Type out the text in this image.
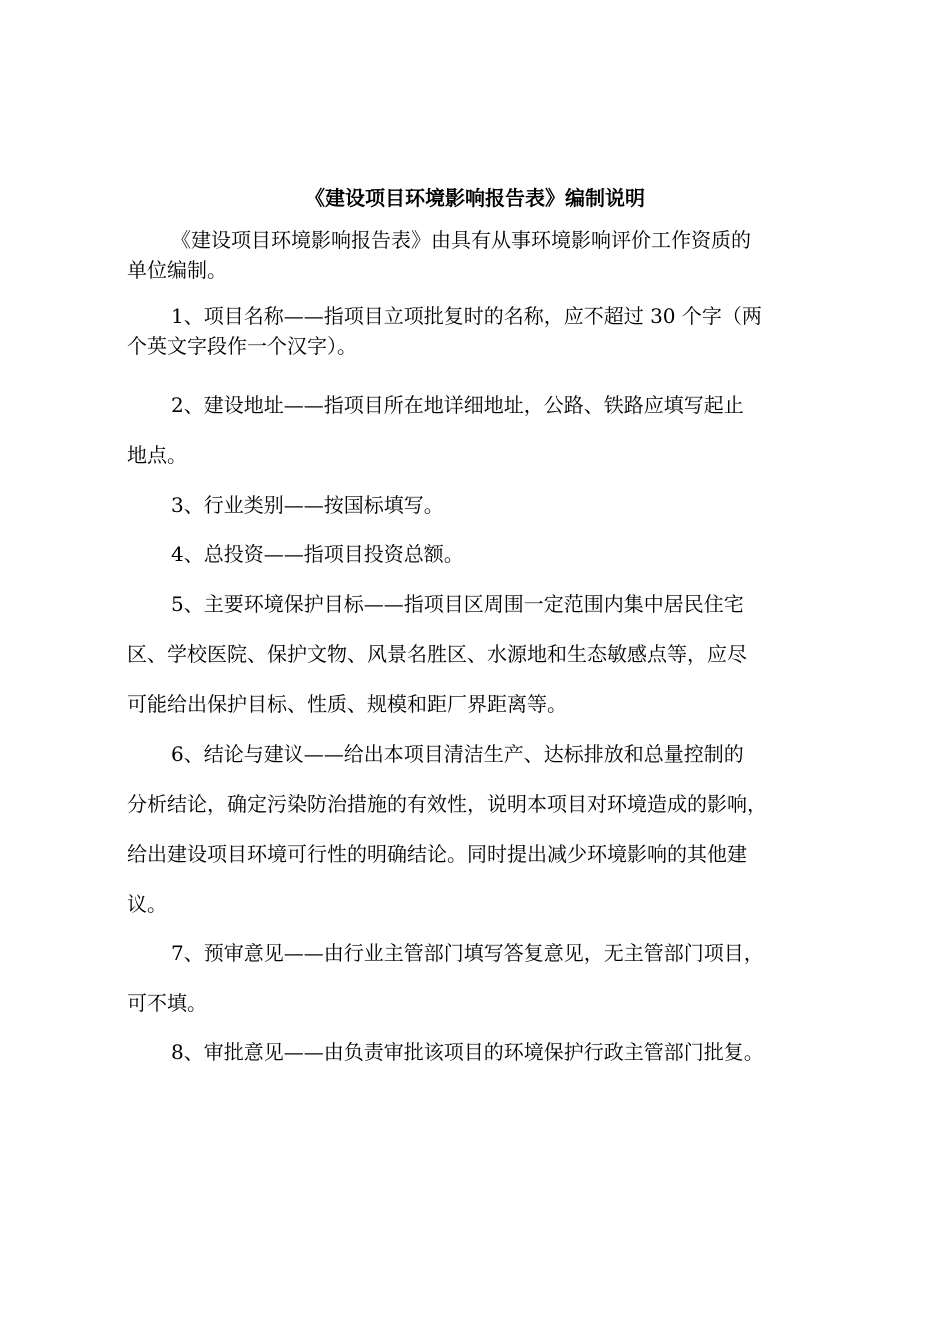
《建设项目环境影响报告表》编制说明
《建设项目环境影响报告表》由具有从事环境影响评价工作资质的
单位编制。
1、项目名称——指项目立项批复时的名称，应不超过 30 个字（两
个英文字段作一个汉字）。
2、建设地址——指项目所在地详细地址，公路、铁路应填写起止
地点。
3、行业类别——按国标填写。
4、总投资——指项目投资总额。
5、主要环境保护目标——指项目区周围一定范围内集中居民住宅
区、学校医院、保护文物、风景名胜区、水源地和生态敏感点等，应尽
可能给出保护目标、性质、规模和距厂界距离等。
6、结论与建议——给出本项目清洁生产、达标排放和总量控制的
分析结论，确定污染防治措施的有效性，说明本项目对环境造成的影响，
给出建设项目环境可行性的明确结论。同时提出减少环境影响的其他建
议。
7、预审意见——由行业主管部门填写答复意见，无主管部门项目，
可不填。
8、审批意见——由负责审批该项目的环境保护行政主管部门批复。
